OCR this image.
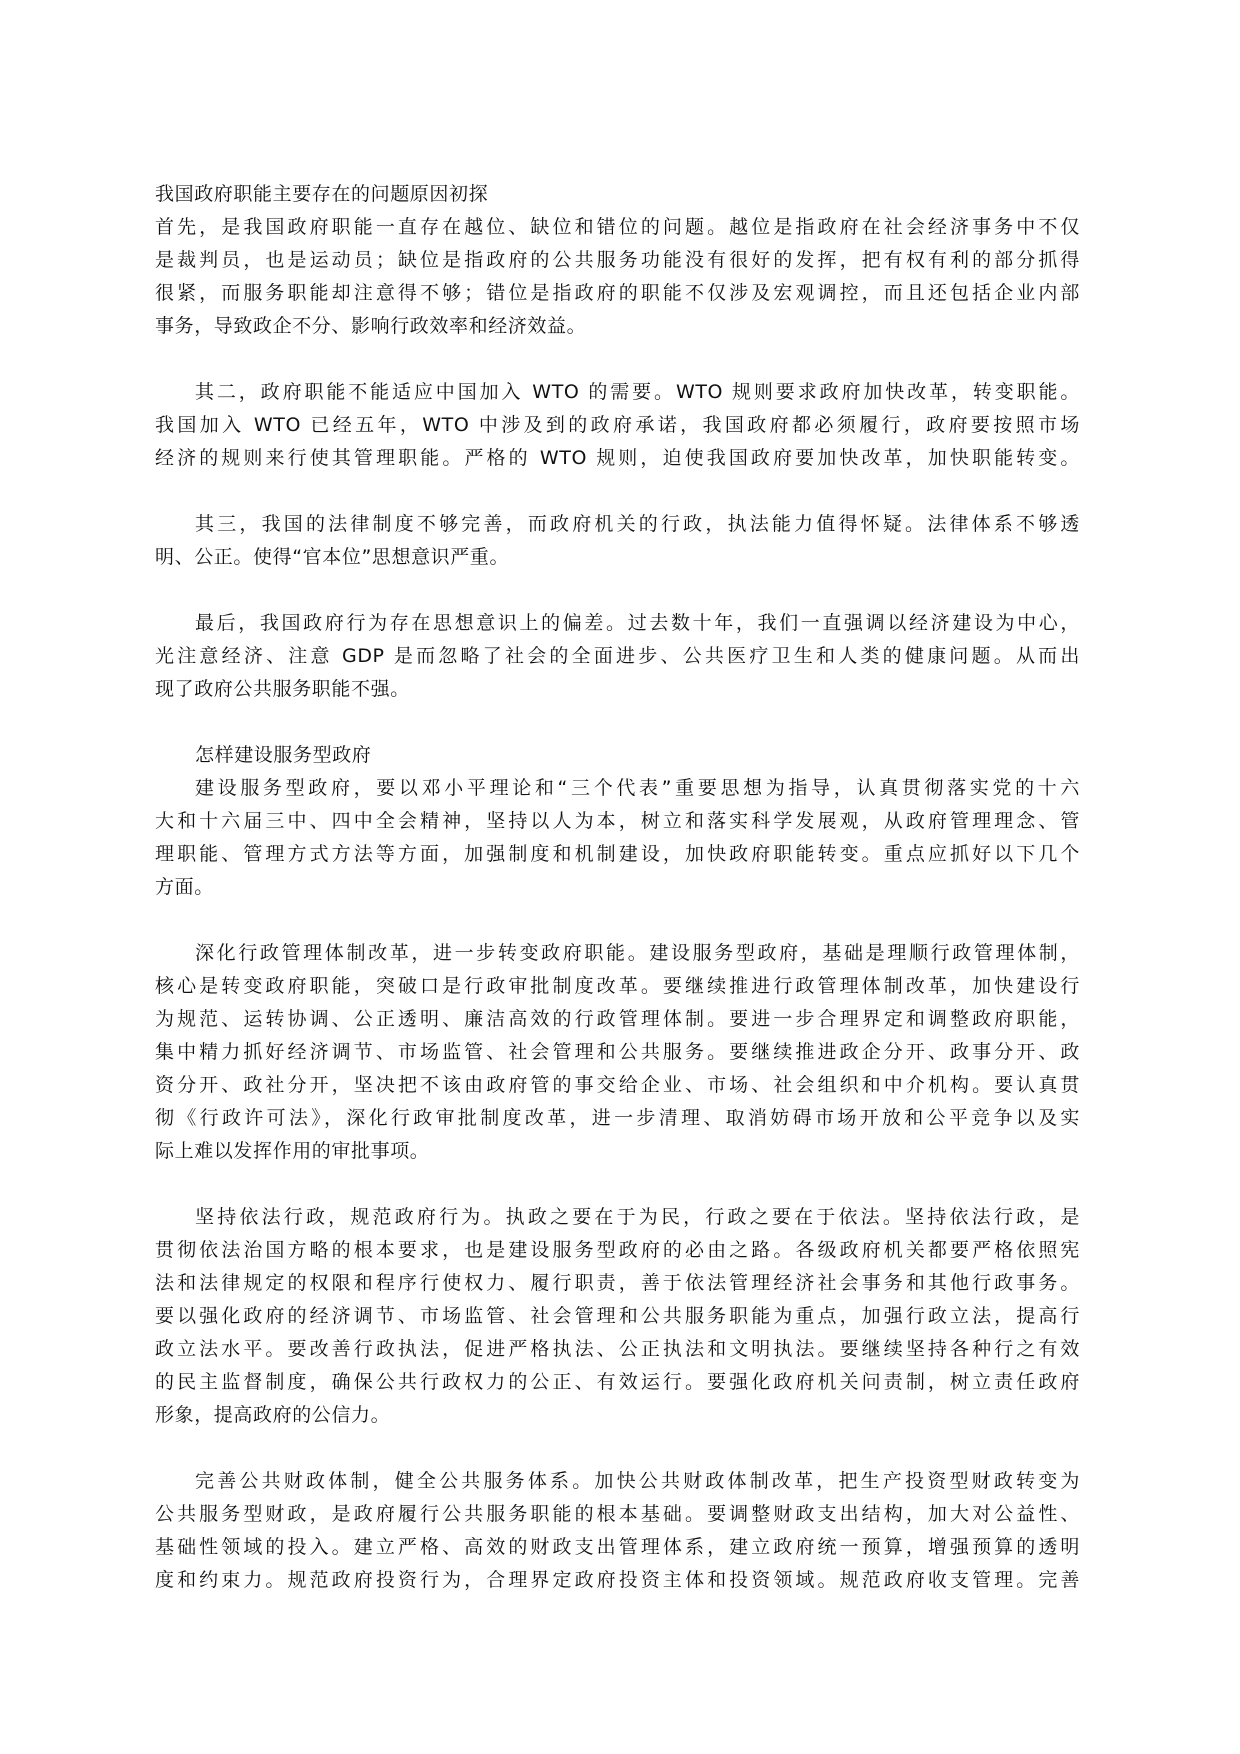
我国政府职能主要存在的问题原因初探
首先，是我国政府职能一直存在越位、缺位和错位的问题。越位是指政府在社会经济事务中不仅
是裁判员，也是运动员；缺位是指政府的公共服务功能没有很好的发挥，把有权有利的部分抓得
很紧，而服务职能却注意得不够；错位是指政府的职能不仅涉及宏观调控，而且还包括企业内部
事务，导致政企不分、影响行政效率和经济效益。
其二，政府职能不能适应中国加入 WTO 的需要。WTO 规则要求政府加快改革，转变职能。
我国加入 WTO 已经五年，WTO 中涉及到的政府承诺，我国政府都必须履行，政府要按照市场
经济的规则来行使其管理职能。严格的 WTO 规则，迫使我国政府要加快改革，加快职能转变。
其三，我国的法律制度不够完善，而政府机关的行政，执法能力值得怀疑。法律体系不够透
明、公正。使得“官本位”思想意识严重。
最后，我国政府行为存在思想意识上的偏差。过去数十年，我们一直强调以经济建设为中心，
光注意经济、注意 GDP 是而忽略了社会的全面进步、公共医疗卫生和人类的健康问题。从而出
现了政府公共服务职能不强。
怎样建设服务型政府
建设服务型政府，要以邓小平理论和“三个代表”重要思想为指导，认真贯彻落实党的十六
大和十六届三中、四中全会精神，坚持以人为本，树立和落实科学发展观，从政府管理理念、管
理职能、管理方式方法等方面，加强制度和机制建设，加快政府职能转变。重点应抓好以下几个
方面。
深化行政管理体制改革，进一步转变政府职能。建设服务型政府，基础是理顺行政管理体制，
核心是转变政府职能，突破口是行政审批制度改革。要继续推进行政管理体制改革，加快建设行
为规范、运转协调、公正透明、廉洁高效的行政管理体制。要进一步合理界定和调整政府职能，
集中精力抓好经济调节、市场监管、社会管理和公共服务。要继续推进政企分开、政事分开、政
资分开、政社分开，坚决把不该由政府管的事交给企业、市场、社会组织和中介机构。要认真贯
彻《行政许可法》，深化行政审批制度改革，进一步清理、取消妨碍市场开放和公平竞争以及实
际上难以发挥作用的审批事项。
坚持依法行政，规范政府行为。执政之要在于为民，行政之要在于依法。坚持依法行政，是
贯彻依法治国方略的根本要求，也是建设服务型政府的必由之路。各级政府机关都要严格依照宪
法和法律规定的权限和程序行使权力、履行职责，善于依法管理经济社会事务和其他行政事务。
要以强化政府的经济调节、市场监管、社会管理和公共服务职能为重点，加强行政立法，提高行
政立法水平。要改善行政执法，促进严格执法、公正执法和文明执法。要继续坚持各种行之有效
的民主监督制度，确保公共行政权力的公正、有效运行。要强化政府机关问责制，树立责任政府
形象，提高政府的公信力。
完善公共财政体制，健全公共服务体系。加快公共财政体制改革，把生产投资型财政转变为
公共服务型财政，是政府履行公共服务职能的根本基础。要调整财政支出结构，加大对公益性、
基础性领域的投入。建立严格、高效的财政支出管理体系，建立政府统一预算，增强预算的透明
度和约束力。规范政府投资行为，合理界定政府投资主体和投资领域。规范政府收支管理。完善
